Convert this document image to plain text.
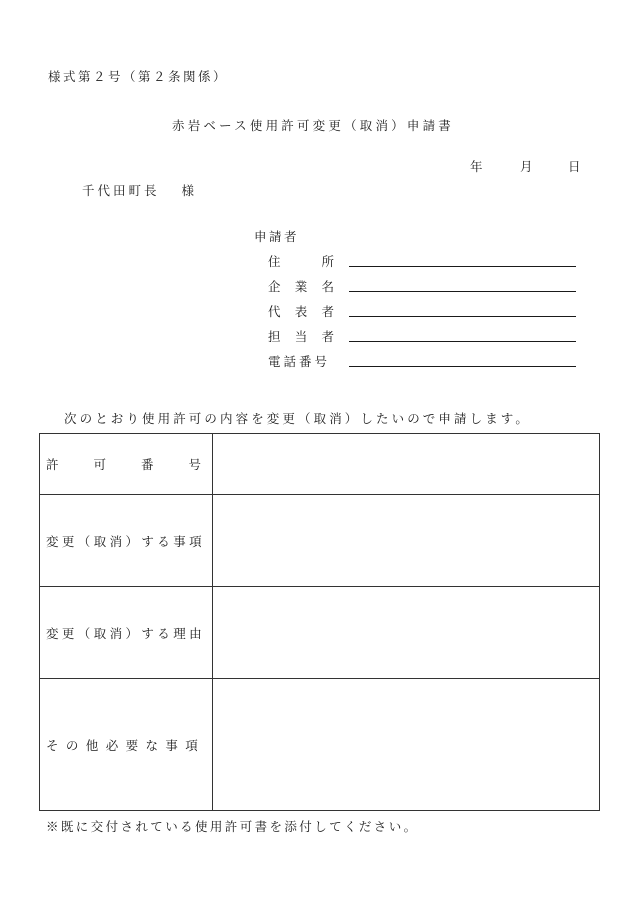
様式第２号（第２条関係）
赤岩ベース使用許可変更（取消）申請書
年	月	日
千代田町長 様
申請者
住	所
企 業 名
代 表 者
担 当 者
電話番号
次のとおり使用許可の内容を変更（取消）したいので申請します。
許 可 番 号	

変更（取消）する事項	
変更（取消）する理由	
その他必要な事項	
※既に交付されている使用許可書を添付してください。
